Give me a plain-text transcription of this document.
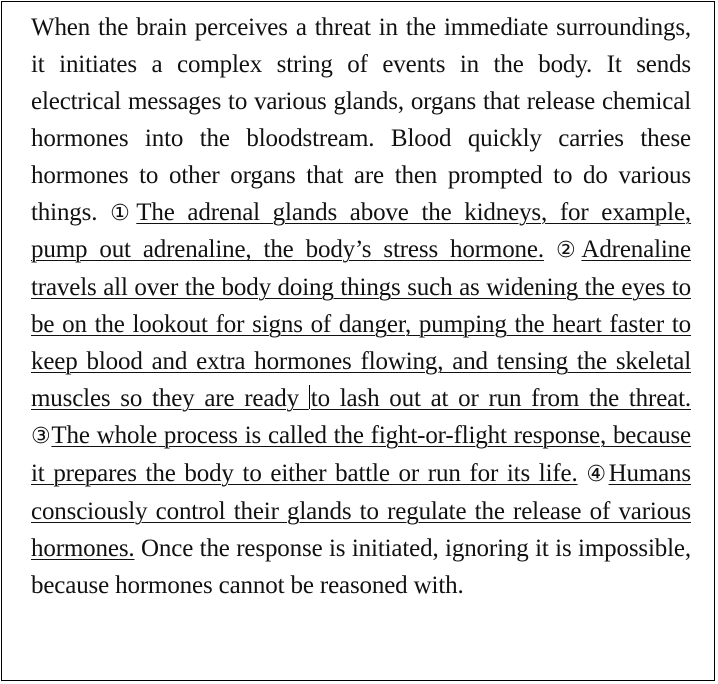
When the brain perceives a threat in the immediate surroundings, it initiates a complex string of events in the body. It sends electrical messages to various glands, organs that release chemical hormones into the bloodstream. Blood quickly carries these hormones to other organs that are then prompted to do various things. ①The adrenal glands above the kidneys, for example, pump out adrenaline, the body’s stress hormone. ②Adrenaline travels all over the body doing things such as widening the eyes to be on the lookout for signs of danger, pumping the heart faster to keep blood and extra hormones flowing, and tensing the skeletal muscles so they are ready to lash out at or run from the threat. ③The whole process is called the fight-or-flight response, because it prepares the body to either battle or run for its life. ④Humans consciously control their glands to regulate the release of various hormones. Once the response is initiated, ignoring it is impossible, because hormones cannot be reasoned with.
